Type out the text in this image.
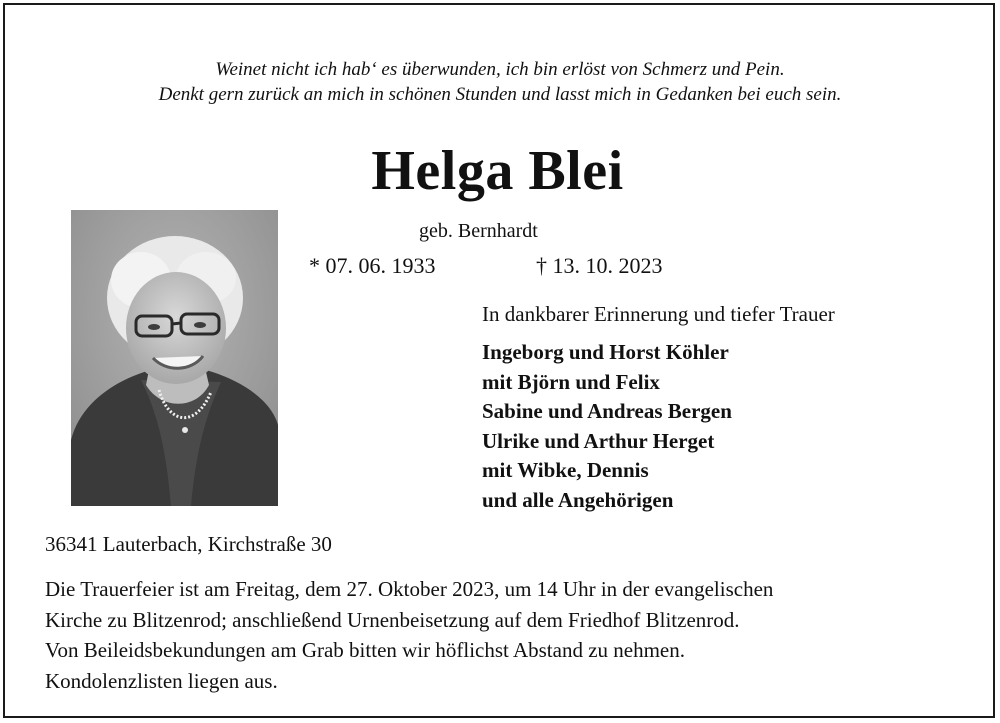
Weinet nicht ich hab‘ es überwunden, ich bin erlöst von Schmerz und Pein.
Denkt gern zurück an mich in schönen Stunden und lasst mich in Gedanken bei euch sein.
Helga Blei
geb. Bernhardt
* 07. 06. 1933	† 13. 10. 2023
In dankbarer Erinnerung und tiefer Trauer
Ingeborg und Horst Köhler
mit Björn und Felix
Sabine und Andreas Bergen
Ulrike und Arthur Herget
mit Wibke, Dennis
und alle Angehörigen
36341 Lauterbach, Kirchstraße 30
Die Trauerfeier ist am Freitag, dem 27. Oktober 2023, um 14 Uhr in der evangelischen
Kirche zu Blitzenrod; anschließend Urnenbeisetzung auf dem Friedhof Blitzenrod.
Von Beileidsbekundungen am Grab bitten wir höflichst Abstand zu nehmen.
Kondolenzlisten liegen aus.
